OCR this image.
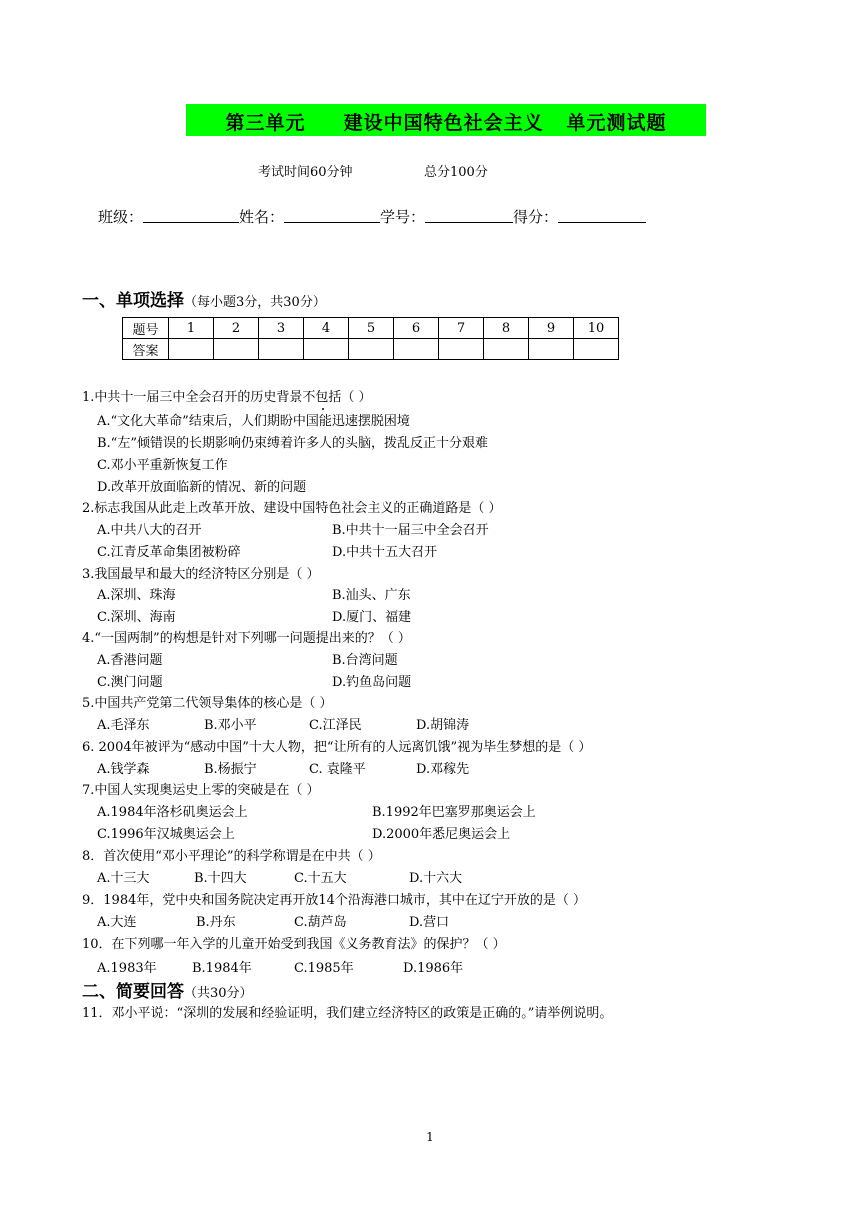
第三单元     建设中国特色社会主义   单元测试题
考试时间60分钟	总分100分
班级：	姓名：	学号：	得分：
一、单项选择（每小题3分，共30分）
题号	1	2	3	4	5	6	7	8	9	10
答案										
1.中共十一届三中全会召开的历史背景不包括（ ）
A.“文化大革命”结束后，人们期盼中国能迅速摆脱困境
B.“左”倾错误的长期影响仍束缚着许多人的头脑，拨乱反正十分艰难
C.邓小平重新恢复工作
D.改革开放面临新的情况、新的问题
2.标志我国从此走上改革开放、建设中国特色社会主义的正确道路是（ ）
A.中共八大的召开	B.中共十一届三中全会召开
C.江青反革命集团被粉碎	D.中共十五大召开
3.我国最早和最大的经济特区分别是（ ）
A.深圳、珠海	B.汕头、广东
C.深圳、海南	D.厦门、福建
4.“一国两制”的构想是针对下列哪一问题提出来的？（ ）
A.香港问题	B.台湾问题
C.澳门问题	D.钓鱼岛问题
5.中国共产党第二代领导集体的核心是（ ）
A.毛泽东	B.邓小平	C.江泽民	D.胡锦涛
6. 2004年被评为“感动中国”十大人物，把“让所有的人远离饥饿”视为毕生梦想的是（ ）
A.钱学森	B.杨振宁	C. 袁隆平	D.邓稼先
7.中国人实现奥运史上零的突破是在（ ）
A.1984年洛杉矶奥运会上	B.1992年巴塞罗那奥运会上
C.1996年汉城奥运会上	D.2000年悉尼奥运会上
8．首次使用“邓小平理论”的科学称谓是在中共（ ）
A.十三大	B.十四大	C.十五大	D.十六大
9．1984年，党中央和国务院决定再开放14个沿海港口城市，其中在辽宁开放的是（ ）
A.大连	B.丹东	C.葫芦岛	D.营口
10．在下列哪一年入学的儿童开始受到我国《义务教育法》的保护？（ ）
A.1983年	B.1984年	C.1985年	D.1986年
二、简要回答（共30分）
11．邓小平说：“深圳的发展和经验证明，我们建立经济特区的政策是正确的。”请举例说明。
1
